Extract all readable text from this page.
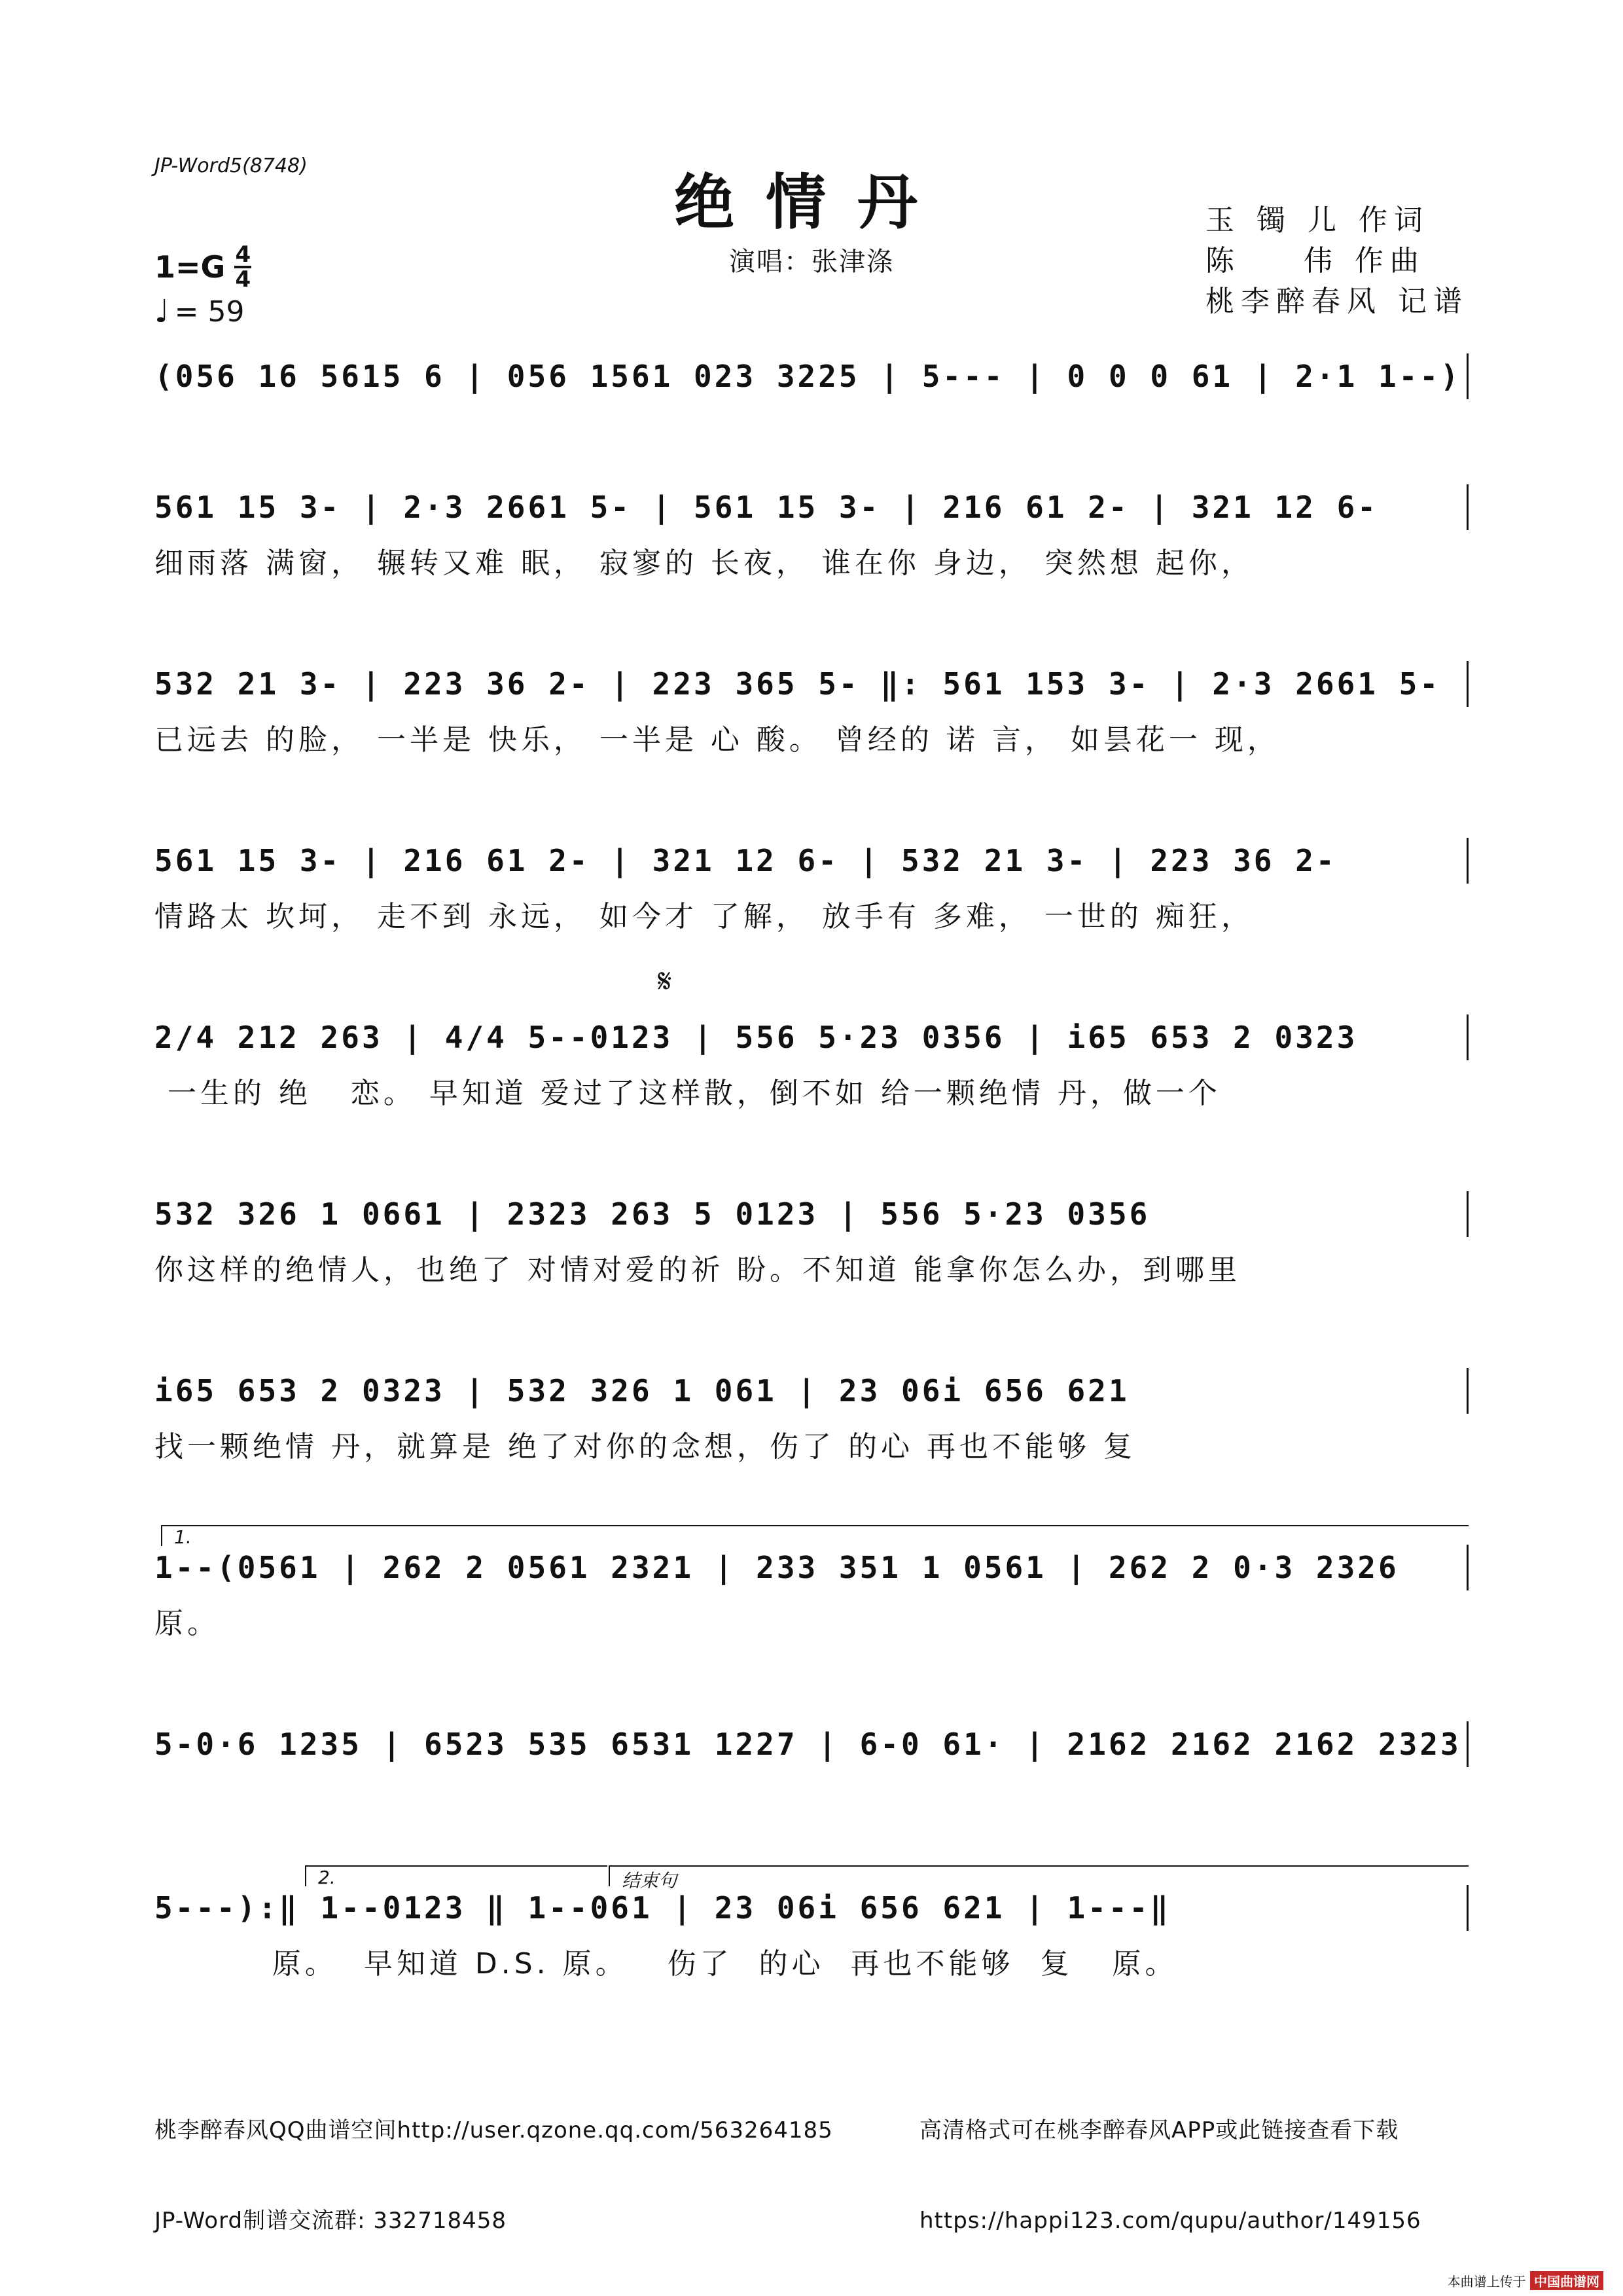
JP-Word5(8748)
绝情丹
演唱：张津涤
玉 镯 儿 作词
陈    伟 作曲
桃李醉春风 记谱
$1=G \frac{4}{4}$
♩ = 59
𝄋
(056 16 5615 6 | 056 1561 023 3225 | 5--- | 0 0 0 61 | 2·1 1--)
561 15 3- | 2·3 2661 5- | 561 15 3- | 216 61 2- | 321 12 6-
细雨落 满窗， 辗转又难 眠， 寂寥的 长夜， 谁在你 身边， 突然想 起你，
532 21 3- | 223 36 2- | 223 365 5- ‖: 561 153 3- | 2·3 2661 5-
已远去 的脸， 一半是 快乐， 一半是 心 酸。 曾经的 诺 言， 如昙花一 现，
561 15 3- | 216 61 2- | 321 12 6- | 532 21 3- | 223 36 2-
情路太 坎坷， 走不到 永远， 如今才 了解， 放手有 多难， 一世的 痴狂，
2/4 212 263 | 4/4 5--0123 | 556 5·23 0356 | i65 653 2 0323
一生的 绝   恋。 早知道 爱过了这样散，倒不如 给一颗绝情 丹，做一个
532 326 1 0661 | 2323 263 5 0123 | 556 5·23 0356
你这样的绝情人，也绝了 对情对爱的祈 盼。不知道 能拿你怎么办，到哪里
i65 653 2 0323 | 532 326 1 061 | 23 06i 656 621
找一颗绝情 丹，就算是 绝了对你的念想，伤了 的心 再也不能够 复
1--(0561 | 262 2 0561 2321 | 233 351 1 0561 | 262 2 0·3 2326
原。
5-0·6 1235 | 6523 535 6531 1227 | 6-0 61· | 2162 2162 2162 2323
5---):‖ 1--0123 ‖ 1--061 | 23 06i 656 621 | 1---‖
原。  早知道 D.S. 原。   伤了  的心  再也不能够  复   原。
1.
2.	结束句

桃李醉春风QQ曲谱空间http://user.qzone.qq.com/563264185

JP-Word制谱交流群: 332718458

高清格式可在桃李醉春风APP或此链接查看下载

https://happi123.com/qupu/author/149156

本曲谱上传于 中国曲谱网
